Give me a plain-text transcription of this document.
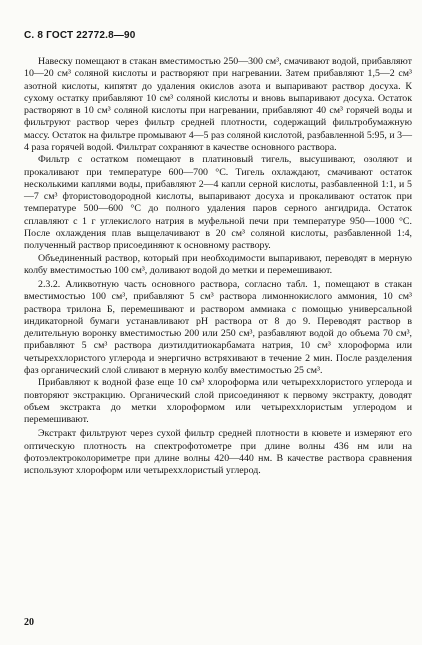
С. 8 ГОСТ 22772.8—90

Навеску помещают в стакан вместимостью 250—300 см³, смачивают водой, прибавляют 10—20 см³ соляной кислоты и растворяют при нагревании. Затем прибавляют 1,5—2 см³ азотной кислоты, кипятят до удаления окислов азота и выпаривают раствор досуха. К сухому остатку прибавляют 10 см³ соляной кислоты и вновь выпаривают досуха. Остаток растворяют в 10 см³ соляной кислоты при нагревании, прибавляют 40 см³ горячей воды и фильтруют раствор через фильтр средней плотности, содержащий фильтробумажную массу. Остаток на фильтре промывают 4—5 раз соляной кислотой, разбавленной 5:95, и 3—4 раза горячей водой. Фильтрат сохраняют в качестве основного раствора.

Фильтр с остатком помещают в платиновый тигель, высушивают, озоляют и прокаливают при температуре 600—700 °С. Тигель охлаждают, смачивают остаток несколькими каплями воды, прибавляют 2—4 капли серной кислоты, разбавленной 1:1, и 5—7 см³ фтористоводородной кислоты, выпаривают досуха и прокаливают остаток при температуре 500—600 °С до полного удаления паров серного ангидрида. Остаток сплавляют с 1 г углекислого натрия в муфельной печи при температуре 950—1000 °С. После охлаждения плав выщелачивают в 20 см³ соляной кислоты, разбавленной 1:4, полученный раствор присоединяют к основному раствору.

Объединенный раствор, который при необходимости выпаривают, переводят в мерную колбу вместимостью 100 см³, доливают водой до метки и перемешивают.

2.3.2. Аликвотную часть основного раствора, согласно табл. 1, помещают в стакан вместимостью 100 см³, прибавляют 5 см³ раствора лимоннокислого аммония, 10 см³ раствора трилона Б, перемешивают и раствором аммиака с помощью универсальной индикаторной бумаги устанавливают рН раствора от 8 до 9. Переводят раствор в делительную воронку вместимостью 200 или 250 см³, разбавляют водой до объема 70 см³, прибавляют 5 см³ раствора диэтилдитиокарбамата натрия, 10 см³ хлороформа или четыреххлористого углерода и энергично встряхивают в течение 2 мин. После разделения фаз органический слой сливают в мерную колбу вместимостью 25 см³.

Прибавляют к водной фазе еще 10 см³ хлороформа или четыреххлористого углерода и повторяют экстракцию. Органический слой присоединяют к первому экстракту, доводят объем экстракта до метки хлороформом или четыреххлористым углеродом и перемешивают.

Экстракт фильтруют через сухой фильтр средней плотности в кювете и измеряют его оптическую плотность на спектрофотометре при длине волны 436 нм или на фотоэлектроколориметре при длине волны 420—440 нм. В качестве раствора сравнения используют хлороформ или четыреххлористый углерод.

20
